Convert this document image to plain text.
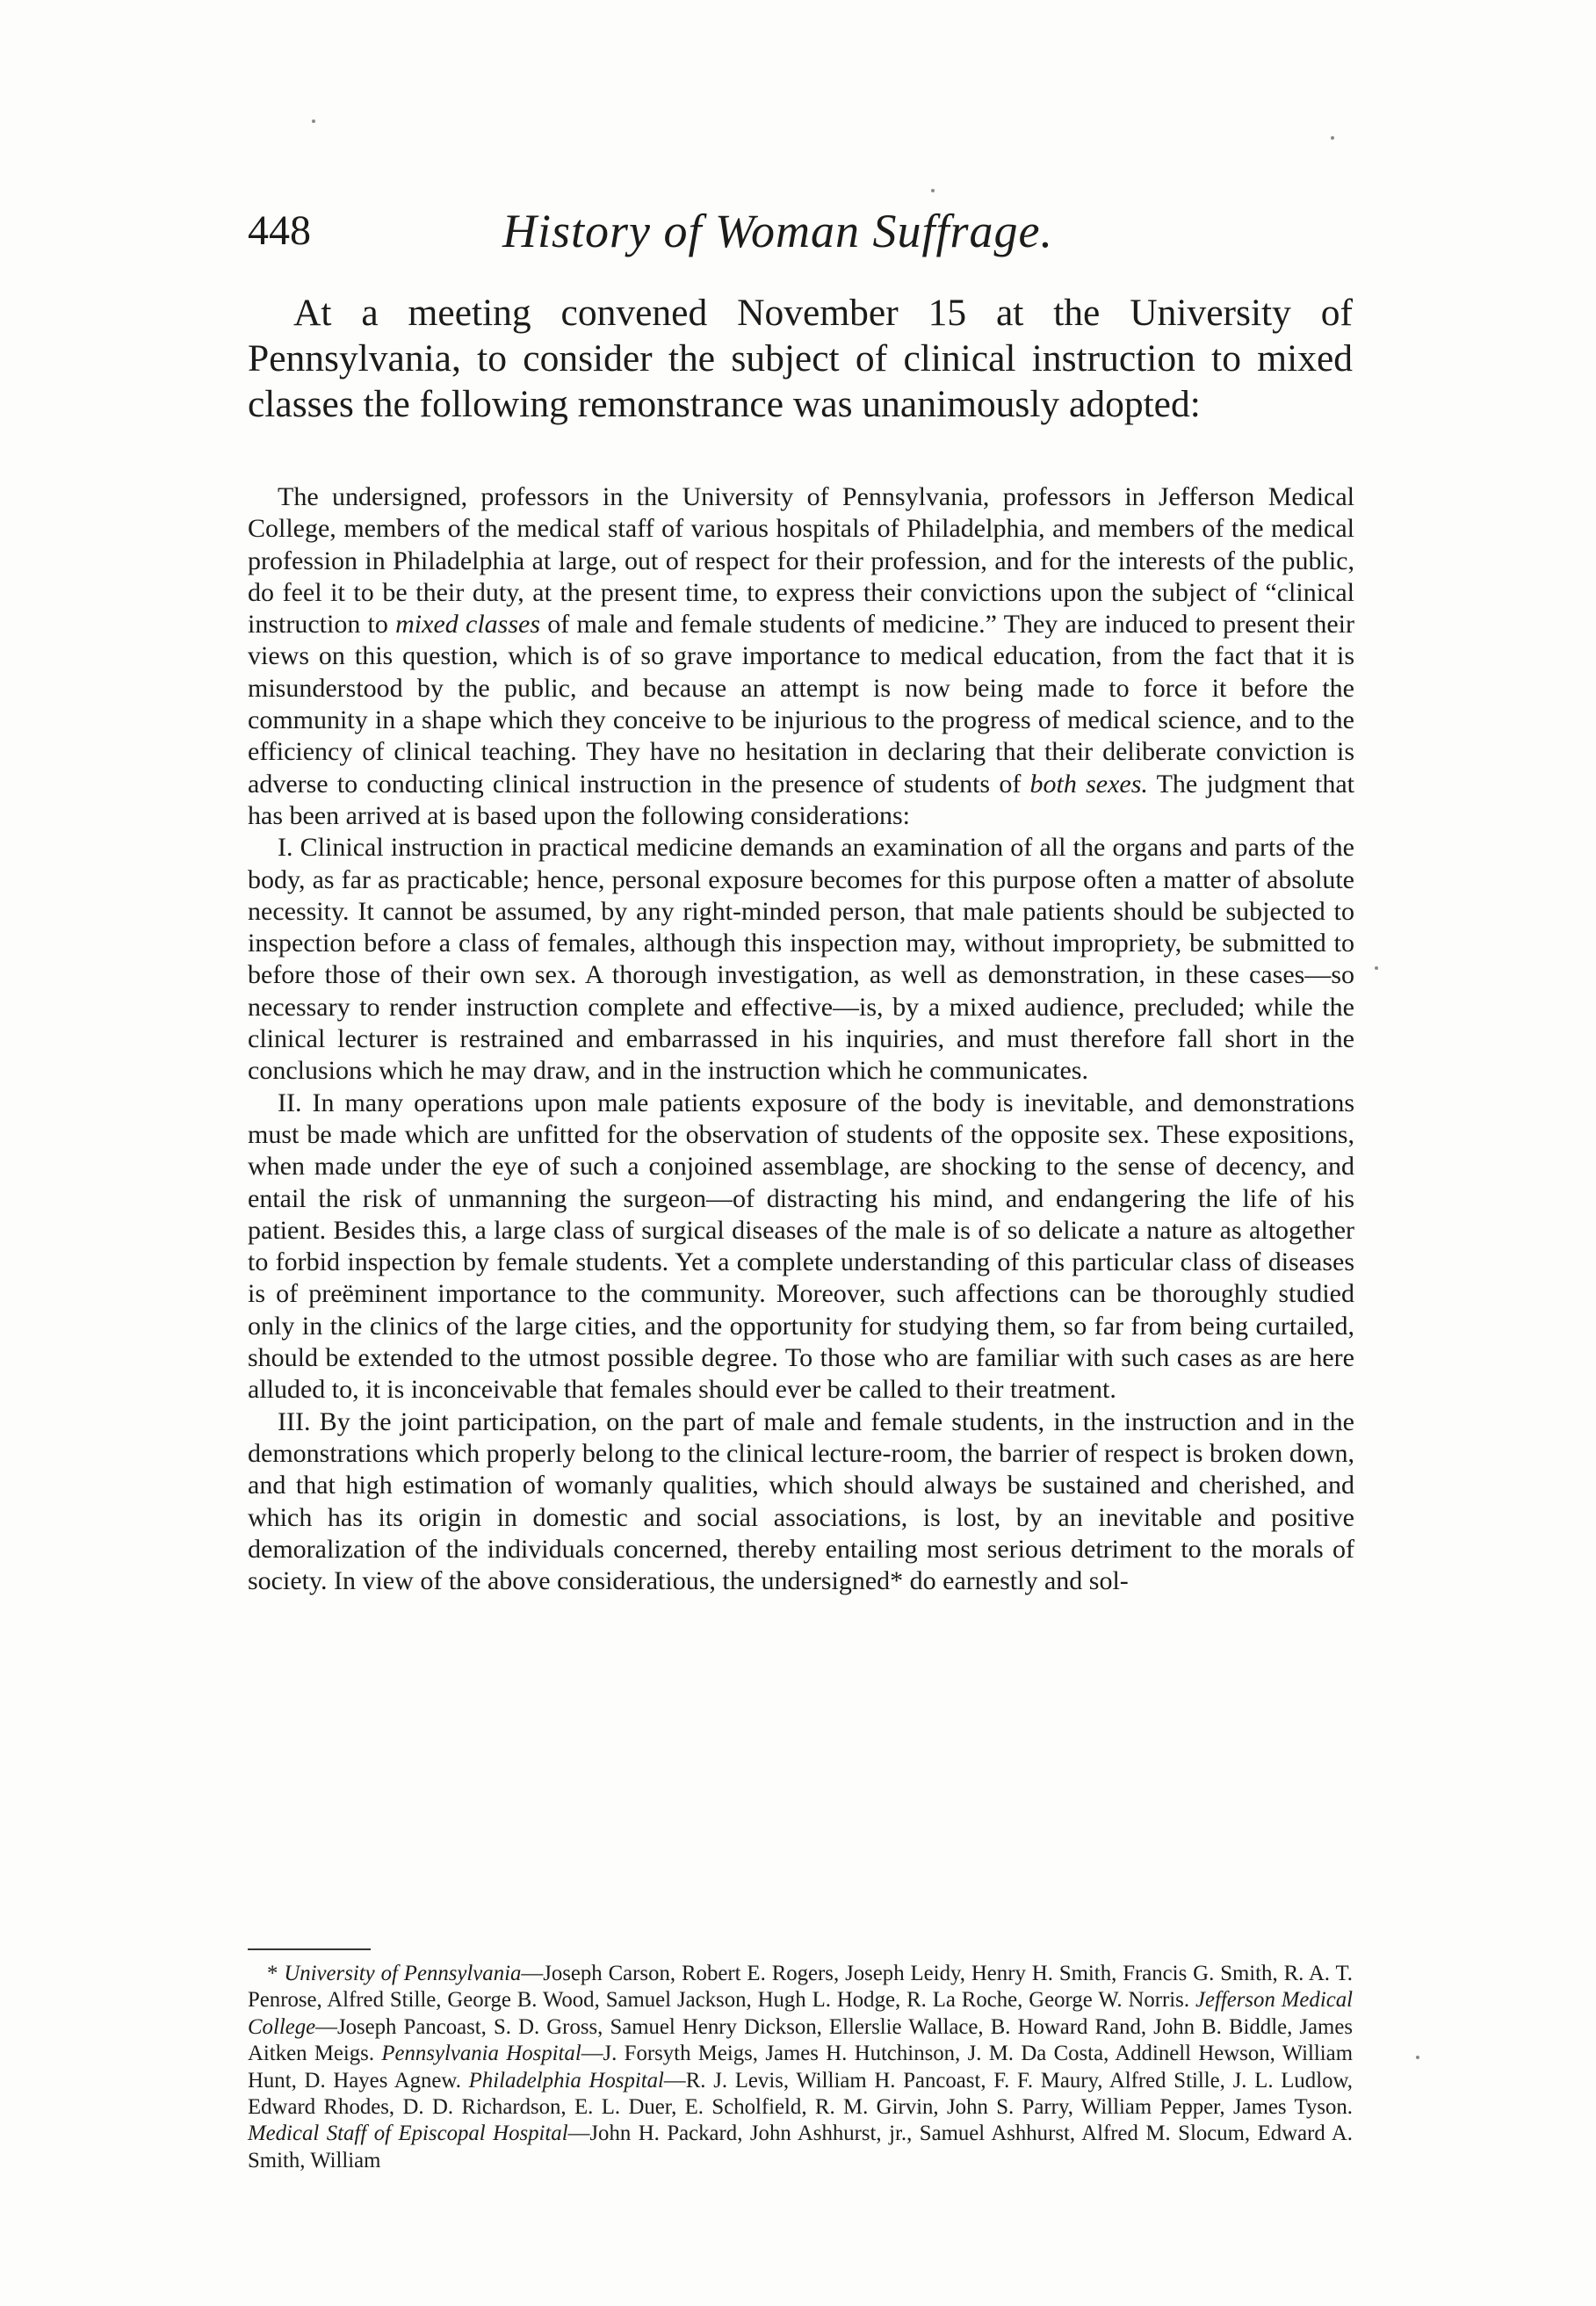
448	History of Woman Suffrage.

At a meeting convened November 15 at the University of Pennsylvania, to consider the subject of clinical instruction to mixed classes the following remonstrance was unanimously adopted:

The undersigned, professors in the University of Pennsylvania, professors in Jefferson Medical College, members of the medical staff of various hospitals of Philadelphia, and members of the medical profession in Philadelphia at large, out of respect for their profession, and for the interests of the public, do feel it to be their duty, at the present time, to express their convictions upon the subject of “clinical instruction to mixed classes of male and female students of medicine.” They are induced to present their views on this question, which is of so grave importance to medical education, from the fact that it is misunderstood by the public, and because an attempt is now being made to force it before the community in a shape which they conceive to be injurious to the progress of medical science, and to the efficiency of clinical teaching. They have no hesitation in declaring that their deliberate conviction is adverse to conducting clinical instruction in the presence of students of both sexes. The judgment that has been arrived at is based upon the following considerations:

I. Clinical instruction in practical medicine demands an examination of all the organs and parts of the body, as far as practicable; hence, personal exposure becomes for this purpose often a matter of absolute necessity. It cannot be assumed, by any right-minded person, that male patients should be subjected to inspection before a class of females, although this inspection may, without impropriety, be submitted to before those of their own sex. A thorough investigation, as well as demonstration, in these cases—so necessary to render instruction complete and effective—is, by a mixed audience, precluded; while the clinical lecturer is restrained and embarrassed in his inquiries, and must therefore fall short in the conclusions which he may draw, and in the instruction which he communicates.

II. In many operations upon male patients exposure of the body is inevitable, and demonstrations must be made which are unfitted for the observation of students of the opposite sex. These expositions, when made under the eye of such a conjoined assemblage, are shocking to the sense of decency, and entail the risk of unmanning the surgeon—of distracting his mind, and endangering the life of his patient. Besides this, a large class of surgical diseases of the male is of so delicate a nature as altogether to forbid inspection by female students. Yet a complete understanding of this particular class of diseases is of preëminent importance to the community. Moreover, such affections can be thoroughly studied only in the clinics of the large cities, and the opportunity for studying them, so far from being curtailed, should be extended to the utmost possible degree. To those who are familiar with such cases as are here alluded to, it is inconceivable that females should ever be called to their treatment.

III. By the joint participation, on the part of male and female students, in the instruction and in the demonstrations which properly belong to the clinical lecture-room, the barrier of respect is broken down, and that high estimation of womanly qualities, which should always be sustained and cherished, and which has its origin in domestic and social associations, is lost, by an inevitable and positive demoralization of the individuals concerned, thereby entailing most serious detriment to the morals of society. In view of the above consideratious, the undersigned* do earnestly and sol-

* University of Pennsylvania—Joseph Carson, Robert E. Rogers, Joseph Leidy, Henry H. Smith, Francis G. Smith, R. A. T. Penrose, Alfred Stille, George B. Wood, Samuel Jackson, Hugh L. Hodge, R. La Roche, George W. Norris. Jefferson Medical College—Joseph Pancoast, S. D. Gross, Samuel Henry Dickson, Ellerslie Wallace, B. Howard Rand, John B. Biddle, James Aitken Meigs. Pennsylvania Hospital—J. Forsyth Meigs, James H. Hutchinson, J. M. Da Costa, Addinell Hewson, William Hunt, D. Hayes Agnew. Philadelphia Hospital—R. J. Levis, William H. Pancoast, F. F. Maury, Alfred Stille, J. L. Ludlow, Edward Rhodes, D. D. Richardson, E. L. Duer, E. Scholfield, R. M. Girvin, John S. Parry, William Pepper, James Tyson. Medical Staff of Episcopal Hospital—John H. Packard, John Ashhurst, jr., Samuel Ashhurst, Alfred M. Slocum, Edward A. Smith, William
